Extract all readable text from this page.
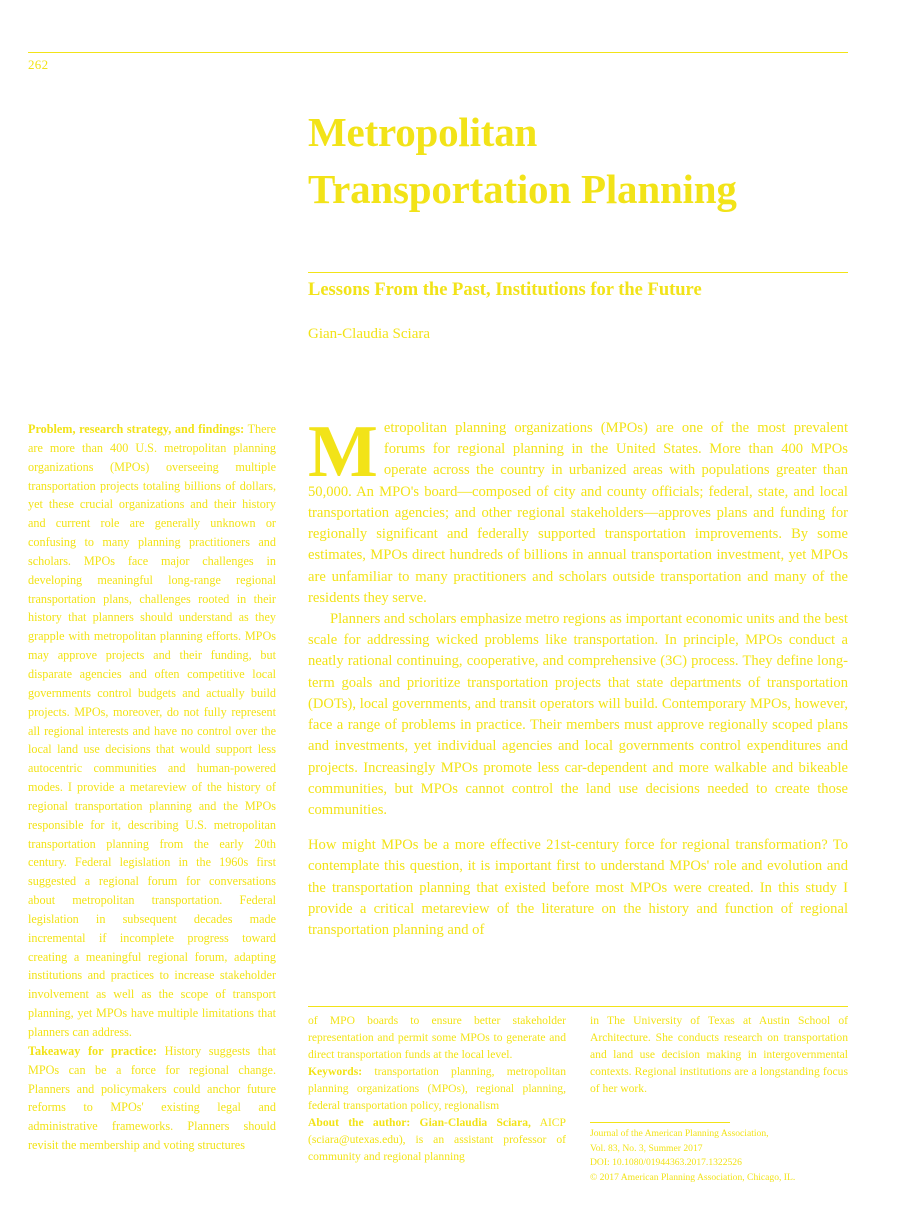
262
Metropolitan
Transportation Planning
Lessons From the Past, Institutions for the Future
Gian-Claudia Sciara

Problem, research strategy, and findings: There are more than 400 U.S. metropolitan planning organizations (MPOs) overseeing multiple transportation projects totaling billions of dollars, yet these crucial organizations and their history and current role are generally unknown or confusing to many planning practitioners and scholars. MPOs face major challenges in developing meaningful long-range regional transportation plans, challenges rooted in their history that planners should understand as they grapple with metropolitan planning efforts. MPOs may approve projects and their funding, but disparate agencies and often competitive local governments control budgets and actually build projects. MPOs, moreover, do not fully represent all regional interests and have no control over the local land use decisions that would support less autocentric communities and human-powered modes. I provide a metareview of the history of regional transportation planning and the MPOs responsible for it, describing U.S. metropolitan transportation planning from the early 20th century. Federal legislation in the 1960s first suggested a regional forum for conversations about metropolitan transportation. Federal legislation in subsequent decades made incremental if incomplete progress toward creating a meaningful regional forum, adapting institutions and practices to increase stakeholder involvement as well as the scope of transport planning, yet MPOs have multiple limitations that planners can address.

Takeaway for practice: History suggests that MPOs can be a force for regional change. Planners and policymakers could anchor future reforms to MPOs' existing legal and administrative frameworks. Planners should revisit the membership and voting structures

Metropolitan planning organizations (MPOs) are one of the most prevalent forums for regional planning in the United States. More than 400 MPOs operate across the country in urbanized areas with populations greater than 50,000. An MPO's board—composed of city and county officials; federal, state, and local transportation agencies; and other regional stakeholders—approves plans and funding for regionally significant and federally supported transportation improvements. By some estimates, MPOs direct hundreds of billions in annual transportation investment, yet MPOs are unfamiliar to many practitioners and scholars outside transportation and many of the residents they serve.

Planners and scholars emphasize metro regions as important economic units and the best scale for addressing wicked problems like transportation. In principle, MPOs conduct a neatly rational continuing, cooperative, and comprehensive (3C) process. They define long-term goals and prioritize transportation projects that state departments of transportation (DOTs), local governments, and transit operators will build. Contemporary MPOs, however, face a range of problems in practice. Their members must approve regionally scoped plans and investments, yet individual agencies and local governments control expenditures and projects. Increasingly MPOs promote less car-dependent and more walkable and bikeable communities, but MPOs cannot control the land use decisions needed to create those communities.

How might MPOs be a more effective 21st-century force for regional transformation? To contemplate this question, it is important first to understand MPOs' role and evolution and the transportation planning that existed before most MPOs were created. In this study I provide a critical metareview of the literature on the history and function of regional transportation planning and of

of MPO boards to ensure better stakeholder representation and permit some MPOs to generate and direct transportation funds at the local level.

Keywords: transportation planning, metropolitan planning organizations (MPOs), regional planning, federal transportation policy, regionalism

About the author: Gian-Claudia Sciara, AICP (sciara@utexas.edu), is an assistant professor of community and regional planning

in The University of Texas at Austin School of Architecture. She conducts research on transportation and land use decision making in intergovernmental contexts. Regional institutions are a longstanding focus of her work.

Journal of the American Planning Association,

Vol. 83, No. 3, Summer 2017

DOI: 10.1080/01944363.2017.1322526

© 2017 American Planning Association, Chicago, IL.
